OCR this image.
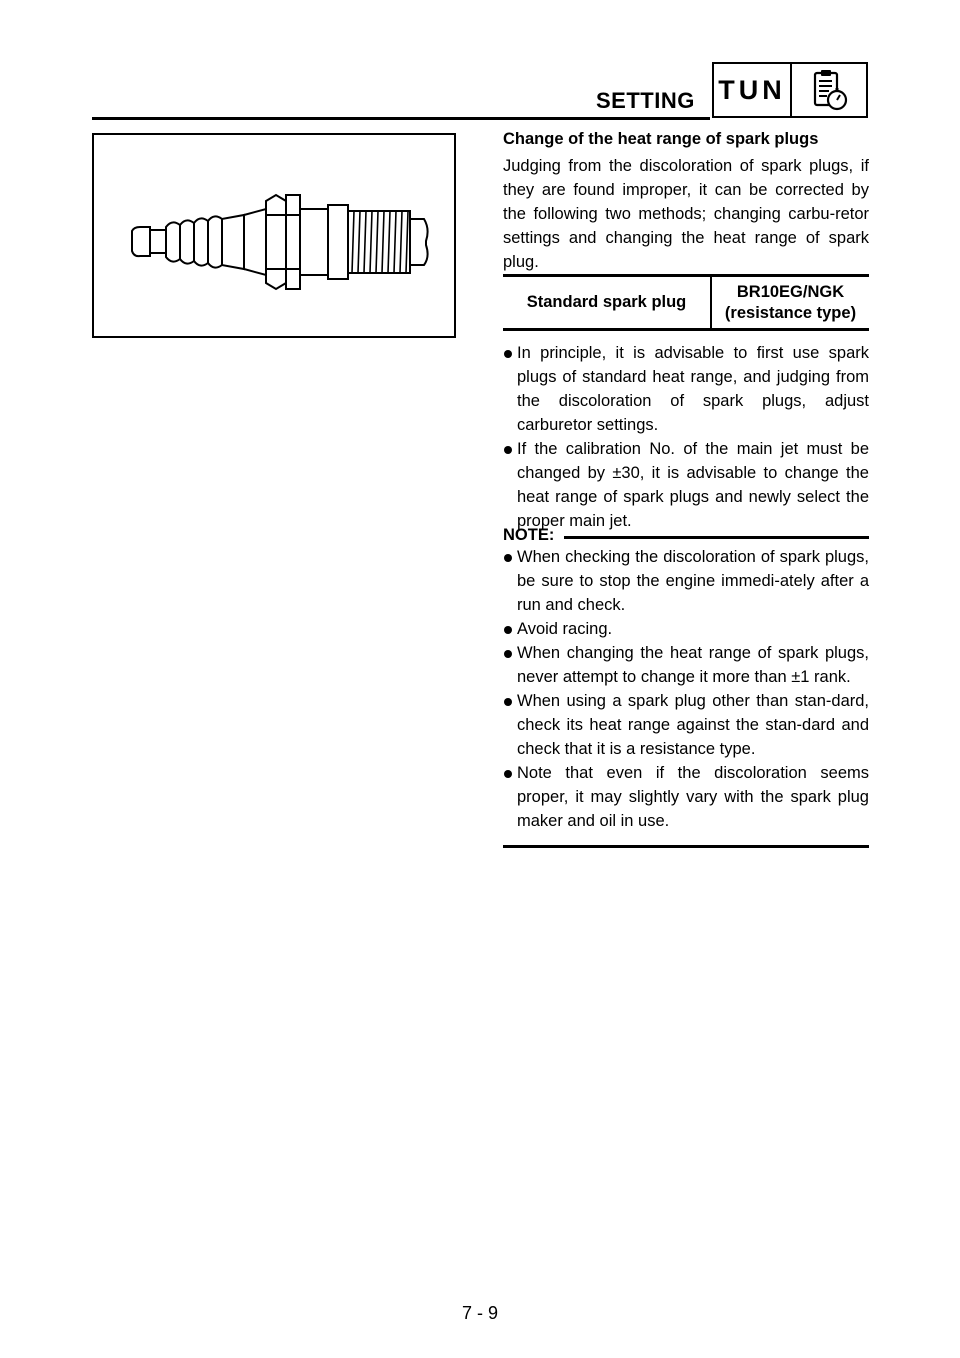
SETTING TUN
Change of the heat range of spark plugs
Judging from the discoloration of spark plugs, if they are found improper, it can be corrected by the following two methods; changing carbu-retor settings and changing the heat range of spark plug.
Standard spark plug
BR10EG/NGK
(resistance type)
In principle, it is advisable to first use spark plugs of standard heat range, and judging from the discoloration of spark plugs, adjust carburetor settings.
If the calibration No. of the main jet must be changed by ±30, it is advisable to change the heat range of spark plugs and newly select the proper main jet.
NOTE:
When checking the discoloration of spark plugs, be sure to stop the engine immedi-ately after a run and check.
Avoid racing.
When changing the heat range of spark plugs, never attempt to change it more than ±1 rank.
When using a spark plug other than stan-dard, check its heat range against the stan-dard and check that it is a resistance type.
Note that even if the discoloration seems proper, it may slightly vary with the spark plug maker and oil in use.
7 - 9
